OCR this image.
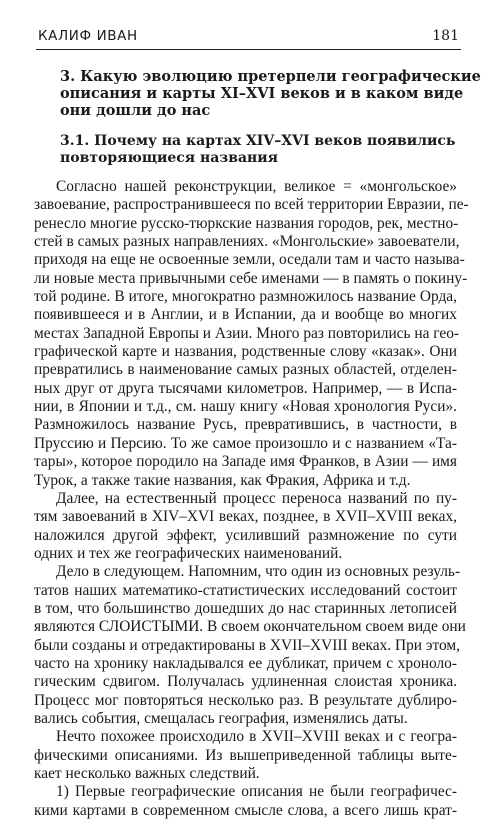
КАЛИФ ИВАН	181
3. Какую эволюцию претерпели географические
описания и карты XI–XVI веков и в каком виде
они дошли до нас
3.1. Почему на картах XIV–XVI веков появились
повторяющиеся названия
Согласно нашей реконструкции, великое = «монгольское»
завоевание, распространившееся по всей территории Евразии, пе-
ренесло многие русско-тюркские названия городов, рек, местно-
стей в самых разных направлениях. «Монгольские» завоеватели,
приходя на еще не освоенные земли, оседали там и часто называ-
ли новые места привычными себе именами — в память о покину-
той родине. В итоге, многократно размножилось название Орда,
появившееся и в Англии, и в Испании, да и вообще во многих
местах Западной Европы и Азии. Много раз повторились на гео-
графической карте и названия, родственные слову «казак». Они
превратились в наименование самых разных областей, отделен-
ных друг от друга тысячами километров. Например, — в Испа-
нии, в Японии и т.д., см. нашу книгу «Новая хронология Руси».
Размножилось название Русь, превратившись, в частности, в
Пруссию и Персию. То же самое произошло и с названием «Та-
тары», которое породило на Западе имя Франков, в Азии — имя
Турок, а также такие названия, как Фракия, Африка и т.д.
Далее, на естественный процесс переноса названий по пу-
тям завоеваний в XIV–XVI веках, позднее, в XVII–XVIII веках,
наложился другой эффект, усиливший размножение по сути
одних и тех же географических наименований.
Дело в следующем. Напомним, что один из основных резуль-
татов наших математико-статистических исследований состоит
в том, что большинство дошедших до нас старинных летописей
являются СЛОИСТЫМИ. В своем окончательном своем виде они
были созданы и отредактированы в XVII–XVIII веках. При этом,
часто на хронику накладывался ее дубликат, причем с хроноло-
гическим сдвигом. Получалась удлиненная слоистая хроника.
Процесс мог повторяться несколько раз. В результате дублиро-
вались события, смещалась география, изменялись даты.
Нечто похожее происходило в XVII–XVIII веках и с геогра-
фическими описаниями. Из вышеприведенной таблицы выте-
кает несколько важных следствий.
1) Первые географические описания не были географичес-
кими картами в современном смысле слова, а всего лишь крат-
